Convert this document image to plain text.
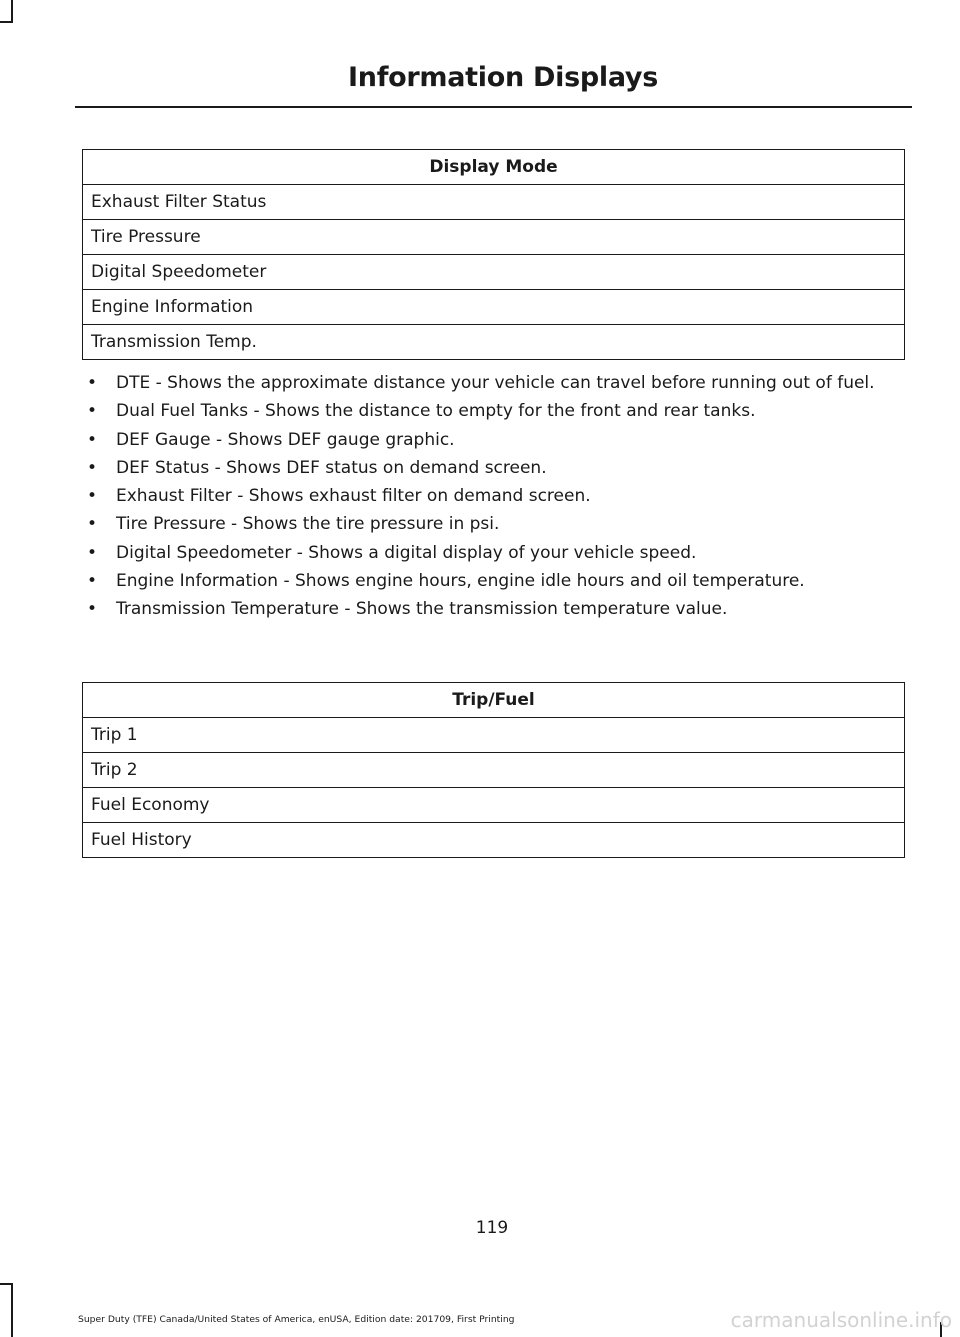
Information Displays
Display Mode
Exhaust Filter Status
Tire Pressure
Digital Speedometer
Engine Information
Transmission Temp.
• DTE - Shows the approximate distance your vehicle can travel before running out of fuel.
• Dual Fuel Tanks - Shows the distance to empty for the front and rear tanks.
• DEF Gauge - Shows DEF gauge graphic.
• DEF Status - Shows DEF status on demand screen.
• Exhaust Filter - Shows exhaust filter on demand screen.
• Tire Pressure - Shows the tire pressure in psi.
• Digital Speedometer - Shows a digital display of your vehicle speed.
• Engine Information - Shows engine hours, engine idle hours and oil temperature.
• Transmission Temperature - Shows the transmission temperature value.
Trip/Fuel
Trip 1
Trip 2
Fuel Economy
Fuel History
119
Super Duty (TFE) Canada/United States of America, enUSA, Edition date: 201709, First Printing	carmanualsonline.info
